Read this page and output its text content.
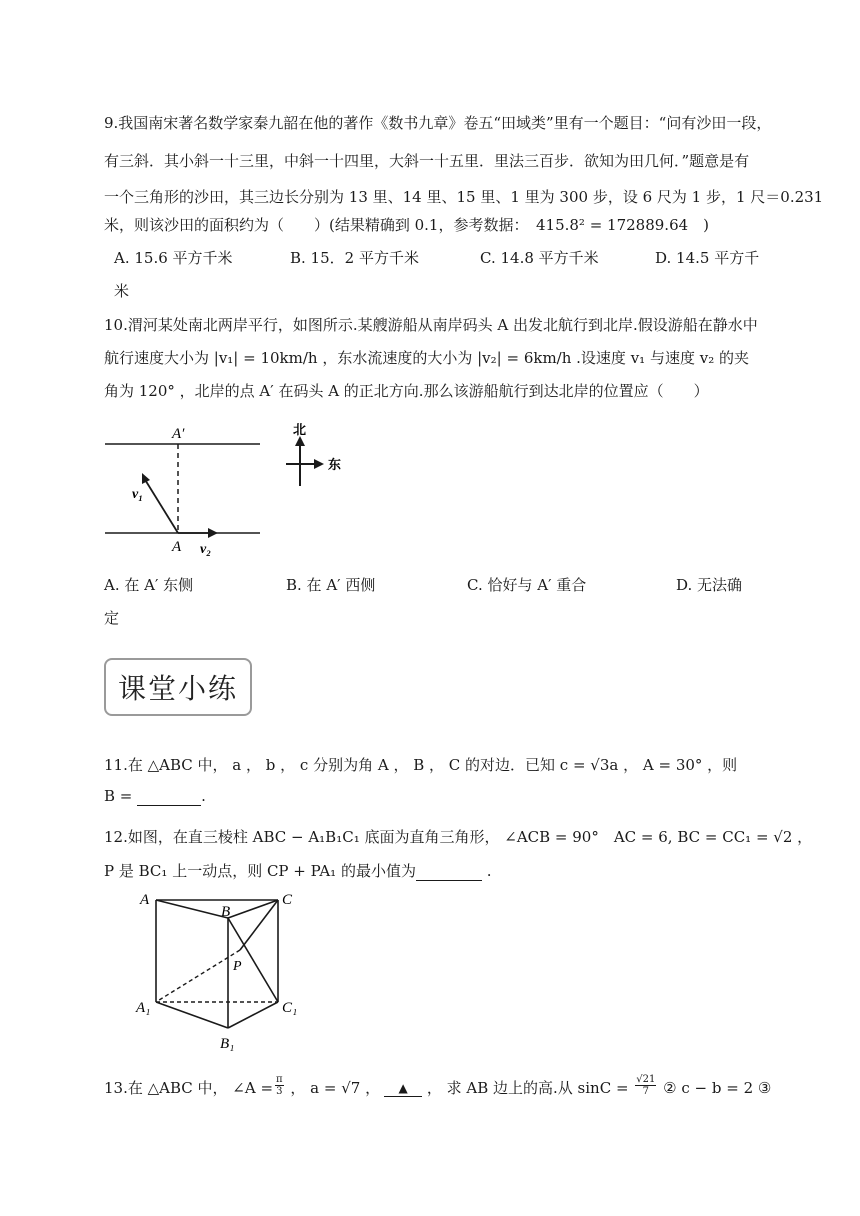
9.我国南宋著名数学家秦九韶在他的著作《数书九章》卷五“田域类”里有一个题目：“问有沙田一段，
有三斜．其小斜一十三里，中斜一十四里，大斜一十五里．里法三百步．欲知为田几何．”题意是有
一个三角形的沙田，其三边长分别为 13 里、14 里、15 里、1 里为 300 步，设 6 尺为 1 步，1 尺＝0.231
米，则该沙田的面积约为（　　）(结果精确到 0.1，参考数据：　415.8² = 172889.64　)
A. 15.6 平方千米	B. 15．2 平方千米	C. 14.8 平方千米	D. 14.5 平方千
米
10.渭河某处南北两岸平行，如图所示.某艘游船从南岸码头 A 出发北航行到北岸.假设游船在静水中
航行速度大小为 |v₁| = 10km/h ，东水流速度的大小为 |v₂| = 6km/h .设速度 v₁ 与速度 v₂ 的夹
角为 120° ，北岸的点 A′ 在码头 A 的正北方向.那么该游船航行到达北岸的位置应（　　）
A′
v₁
A v₂
北
东
A. 在 A′ 东侧	B. 在 A′ 西侧	C. 恰好与 A′ 重合	D. 无法确
定
课堂小练
11.在 △ABC 中， a ， b ， c 分别为角 A ， B ， C 的对边．已知 c = √3a ， A = 30° ，则
B =	.
12.如图，在直三棱柱 ABC − A₁B₁C₁ 底面为直角三角形， ∠ACB = 90°　AC = 6, BC = CC₁ = √2 ，
P 是 BC₁ 上一动点，则 CP + PA₁ 的最小值为	.
A
B
C
P
A₁	C₁
B₁
13.在 △ABC 中， ∠A = $\frac{\pi}{3}$ ， a = √7 ，	▲ ， 求 AB 边上的高.从 $\sin C = \frac{√21}{7}$ ② c − b = 2 ③
